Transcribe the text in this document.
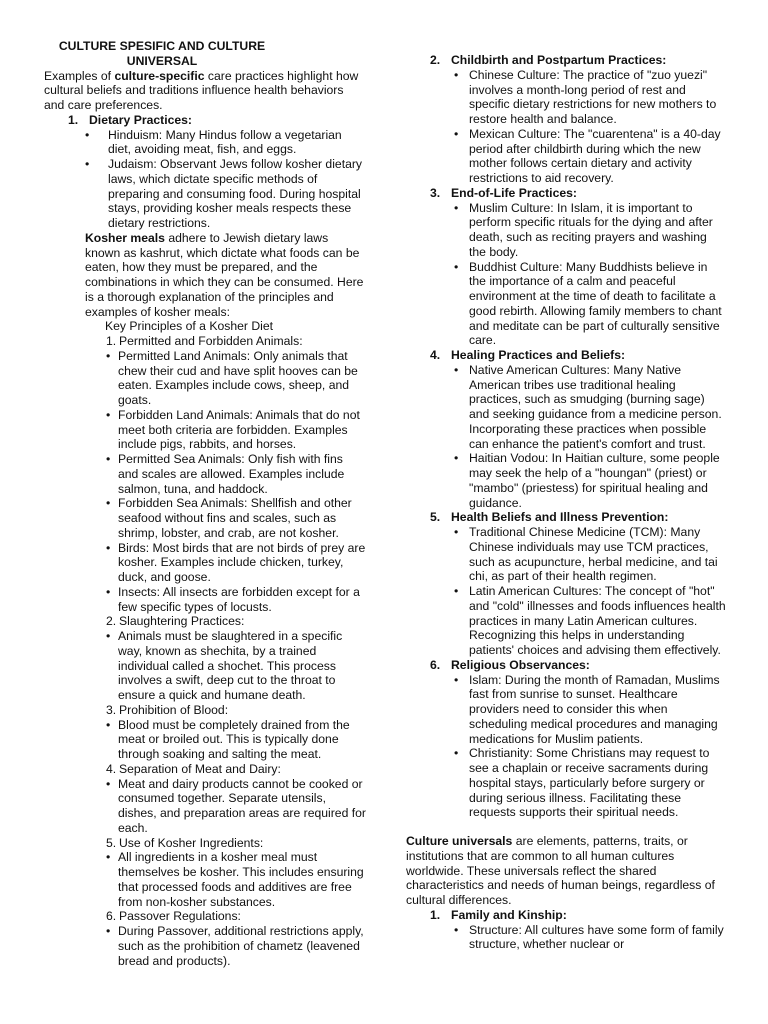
CULTURE SPESIFIC AND CULTURE UNIVERSAL

Examples of culture-specific care practices highlight how cultural beliefs and traditions influence health behaviors and care preferences.

1. Dietary Practices:
• Hinduism: Many Hindus follow a vegetarian diet, avoiding meat, fish, and eggs.
• Judaism: Observant Jews follow kosher dietary laws, which dictate specific methods of preparing and consuming food. During hospital stays, providing kosher meals respects these dietary restrictions.

Kosher meals adhere to Jewish dietary laws known as kashrut, which dictate what foods can be eaten, how they must be prepared, and the combinations in which they can be consumed. Here is a thorough explanation of the principles and examples of kosher meals:

Key Principles of a Kosher Diet

1. Permitted and Forbidden Animals:
• Permitted Land Animals: Only animals that chew their cud and have split hooves can be eaten. Examples include cows, sheep, and goats.
• Forbidden Land Animals: Animals that do not meet both criteria are forbidden. Examples include pigs, rabbits, and horses.
• Permitted Sea Animals: Only fish with fins and scales are allowed. Examples include salmon, tuna, and haddock.
• Forbidden Sea Animals: Shellfish and other seafood without fins and scales, such as shrimp, lobster, and crab, are not kosher.
• Birds: Most birds that are not birds of prey are kosher. Examples include chicken, turkey, duck, and goose.
• Insects: All insects are forbidden except for a few specific types of locusts.
2. Slaughtering Practices:
• Animals must be slaughtered in a specific way, known as shechita, by a trained individual called a shochet. This process involves a swift, deep cut to the throat to ensure a quick and humane death.
3. Prohibition of Blood:
• Blood must be completely drained from the meat or broiled out. This is typically done through soaking and salting the meat.
4. Separation of Meat and Dairy:
• Meat and dairy products cannot be cooked or consumed together. Separate utensils, dishes, and preparation areas are required for each.
5. Use of Kosher Ingredients:
• All ingredients in a kosher meal must themselves be kosher. This includes ensuring that processed foods and additives are free from non-kosher substances.
6. Passover Regulations:
• During Passover, additional restrictions apply, such as the prohibition of chametz (leavened bread and products).
2. Childbirth and Postpartum Practices:
• Chinese Culture: The practice of "zuo yuezi" involves a month-long period of rest and specific dietary restrictions for new mothers to restore health and balance.
• Mexican Culture: The "cuarentena" is a 40-day period after childbirth during which the new mother follows certain dietary and activity restrictions to aid recovery.
3. End-of-Life Practices:
• Muslim Culture: In Islam, it is important to perform specific rituals for the dying and after death, such as reciting prayers and washing the body.
• Buddhist Culture: Many Buddhists believe in the importance of a calm and peaceful environment at the time of death to facilitate a good rebirth. Allowing family members to chant and meditate can be part of culturally sensitive care.
4. Healing Practices and Beliefs:
• Native American Cultures: Many Native American tribes use traditional healing practices, such as smudging (burning sage) and seeking guidance from a medicine person. Incorporating these practices when possible can enhance the patient's comfort and trust.
• Haitian Vodou: In Haitian culture, some people may seek the help of a "houngan" (priest) or "mambo" (priestess) for spiritual healing and guidance.
5. Health Beliefs and Illness Prevention:
• Traditional Chinese Medicine (TCM): Many Chinese individuals may use TCM practices, such as acupuncture, herbal medicine, and tai chi, as part of their health regimen.
• Latin American Cultures: The concept of "hot" and "cold" illnesses and foods influences health practices in many Latin American cultures. Recognizing this helps in understanding patients' choices and advising them effectively.
6. Religious Observances:
• Islam: During the month of Ramadan, Muslims fast from sunrise to sunset. Healthcare providers need to consider this when scheduling medical procedures and managing medications for Muslim patients.
• Christianity: Some Christians may request to see a chaplain or receive sacraments during hospital stays, particularly before surgery or during serious illness. Facilitating these requests supports their spiritual needs.

Culture universals are elements, patterns, traits, or institutions that are common to all human cultures worldwide. These universals reflect the shared characteristics and needs of human beings, regardless of cultural differences.

1. Family and Kinship:
• Structure: All cultures have some form of family structure, whether nuclear or
